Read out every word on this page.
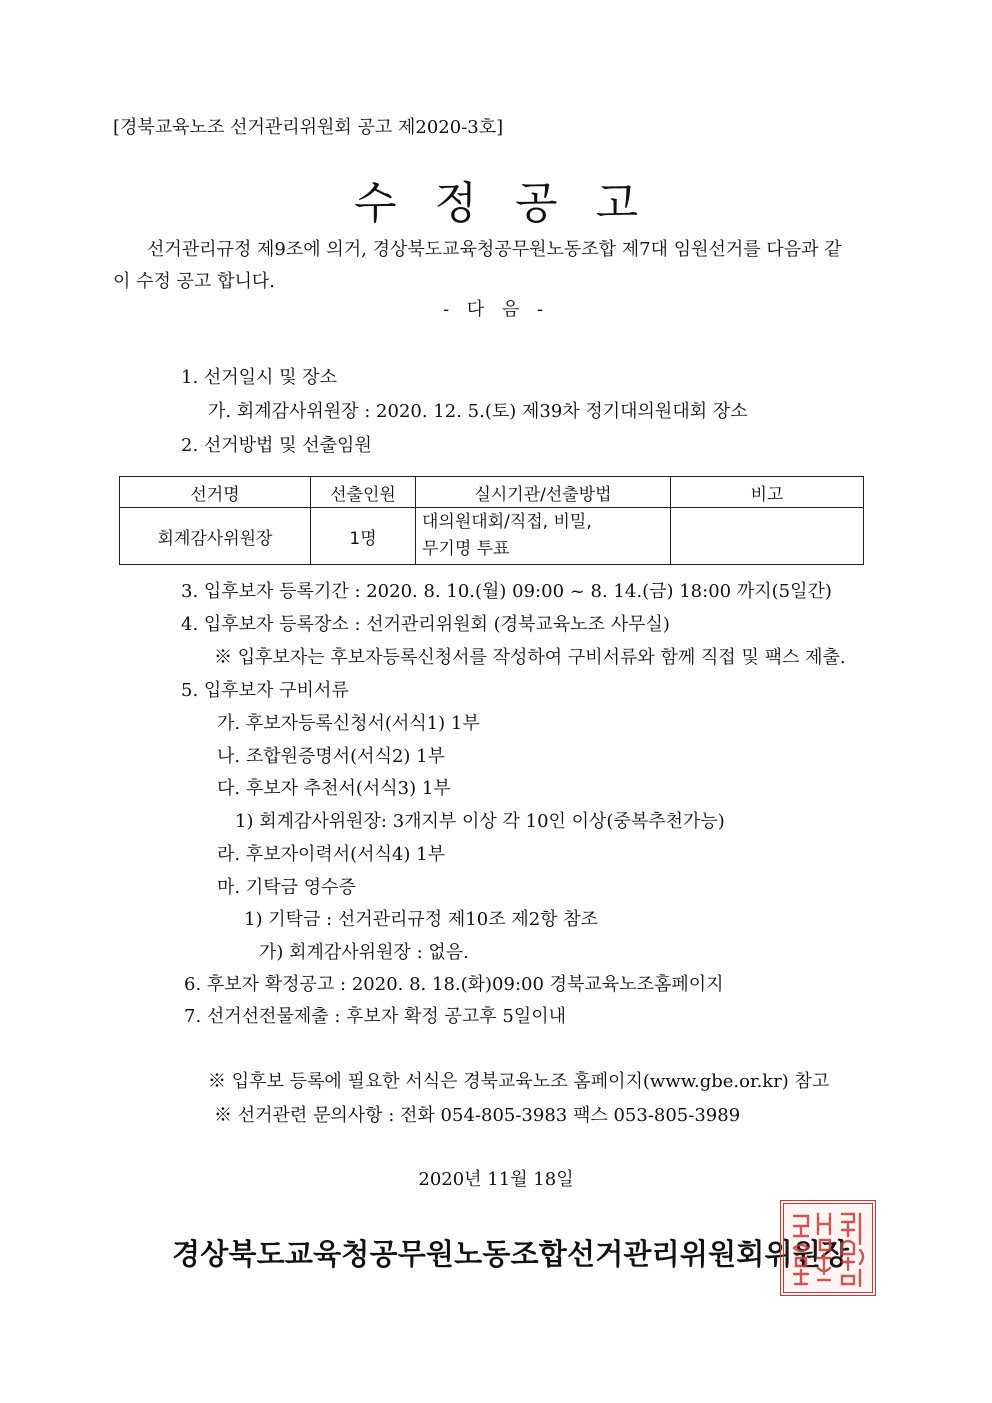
[경북교육노조 선거관리위원회 공고 제2020-3호]
수정공고
선거관리규정 제9조에 의거, 경상북도교육청공무원노동조합 제7대 임원선거를 다음과 같
이 수정 공고 합니다.
- 다 음 -
1. 선거일시 및 장소
가. 회계감사위원장 : 2020. 12. 5.(토) 제39차 정기대의원대회 장소
2. 선거방법 및 선출임원
선거명	선출인원	실시기관/선출방법	비고
회계감사위원장	1명	대의원대회/직접, 비밀,
무기명 투표	

3. 입후보자 등록기간 : 2020. 8. 10.(월) 09:00 ~ 8. 14.(금) 18:00 까지(5일간)
4. 입후보자 등록장소 : 선거관리위원회 (경북교육노조 사무실)
※ 입후보자는 후보자등록신청서를 작성하여 구비서류와 함께 직접 및 팩스 제출.
5. 입후보자 구비서류
가. 후보자등록신청서(서식1) 1부
나. 조합원증명서(서식2) 1부
다. 후보자 추천서(서식3) 1부
1) 회계감사위원장: 3개지부 이상 각 10인 이상(중복추천가능)
라. 후보자이력서(서식4) 1부
마. 기탁금 영수증
1) 기탁금 : 선거관리규정 제10조 제2항 참조
가) 회계감사위원장 : 없음.
6. 후보자 확정공고 : 2020. 8. 18.(화)09:00 경북교육노조홈페이지
7. 선거선전물제출 : 후보자 확정 공고후 5일이내
※ 입후보 등록에 필요한 서식은 경북교육노조 홈페이지(www.gbe.or.kr) 참고
※ 선거관련 문의사항 : 전화 054-805-3983 팩스 053-805-3989
2020년 11월 18일
경상북도교육청공무원노동조합선거관리위원회위원장
